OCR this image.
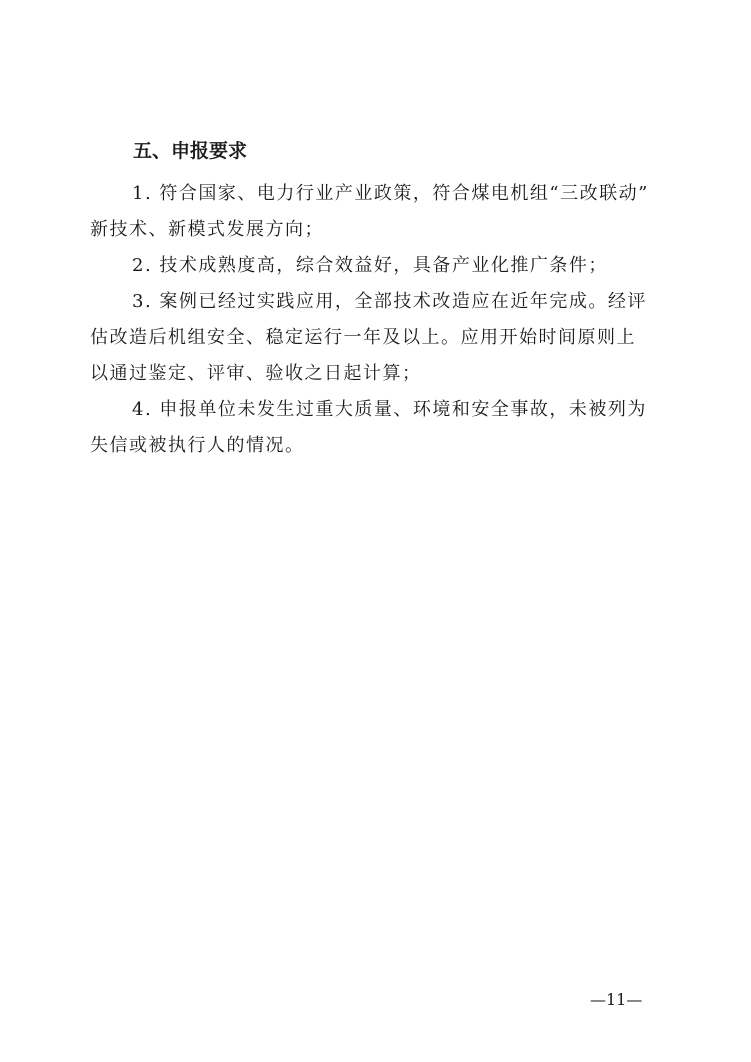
五、申报要求
1. 符合国家、电力行业产业政策，符合煤电机组“三改联动”
新技术、新模式发展方向；
2. 技术成熟度高，综合效益好，具备产业化推广条件；
3. 案例已经过实践应用，全部技术改造应在近年完成。经评
估改造后机组安全、稳定运行一年及以上。应用开始时间原则上
以通过鉴定、评审、验收之日起计算；
4. 申报单位未发生过重大质量、环境和安全事故，未被列为
失信或被执行人的情况。
—11—
